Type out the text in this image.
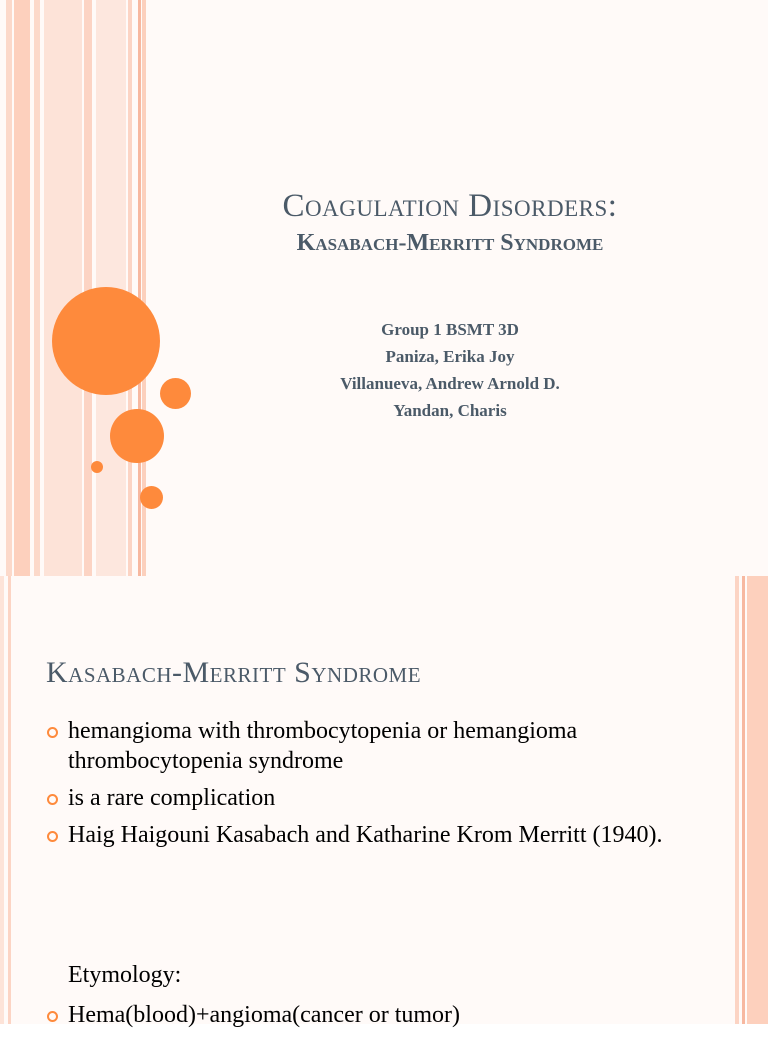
Coagulation Disorders:
Kasabach-Merritt Syndrome
Group 1 BSMT 3D
Paniza, Erika Joy
Villanueva, Andrew Arnold D.
Yandan, Charis
Kasabach-Merritt Syndrome
hemangioma with thrombocytopenia or hemangioma thrombocytopenia syndrome
is a rare complication
Haig Haigouni Kasabach and Katharine Krom Merritt (1940).
Etymology:
Hema(blood)+angioma(cancer or tumor)
